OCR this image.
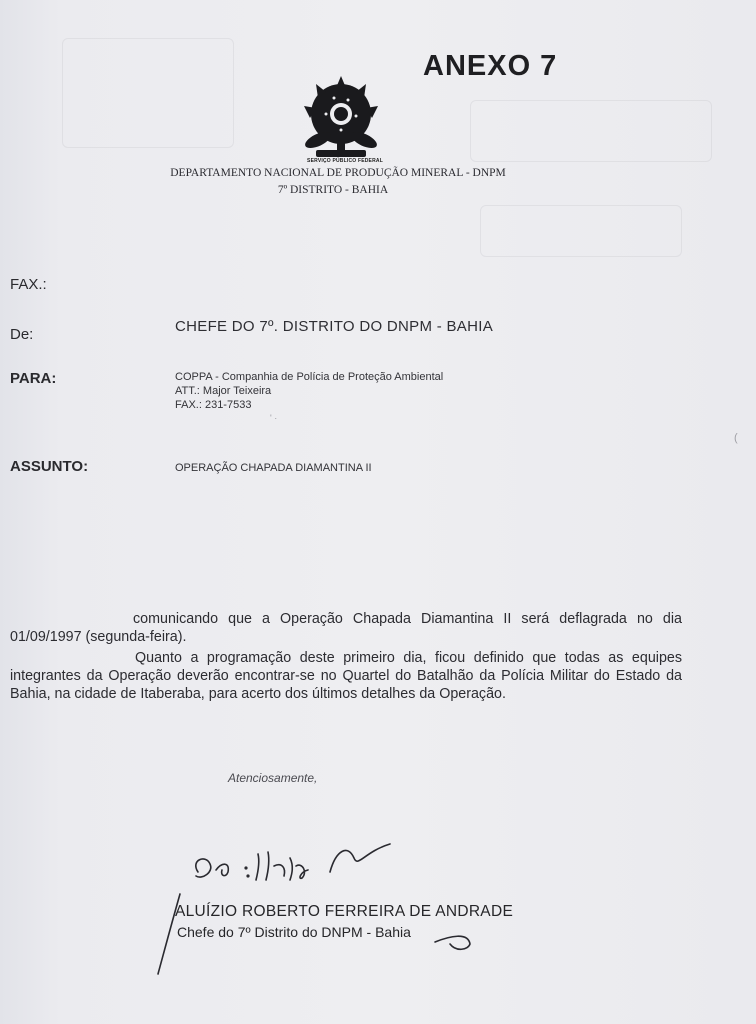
ANEXO 7
SERVIÇO PÚBLICO FEDERAL
DEPARTAMENTO NACIONAL DE PRODUÇÃO MINERAL - DNPM
7º DISTRITO - BAHIA
FAX.:
De:	CHEFE DO 7º. DISTRITO DO DNPM - BAHIA
PARA:	COPPA - Companhia de Polícia de Proteção Ambiental
ATT.: Major Teixeira
FAX.: 231-7533
' ·
ASSUNTO:	OPERAÇÃO CHAPADA DIAMANTINA II

comunicando que a Operação Chapada Diamantina II será deflagrada no dia 01/09/1997 (segunda-feira).

Quanto a programação deste primeiro dia, ficou definido que todas as equipes integrantes da Operação deverão encontrar-se no Quartel do Batalhão da Polícia Militar do Estado da Bahia, na cidade de Itaberaba, para acerto dos últimos detalhes da Operação.

Atenciosamente,
ALUÍZIO ROBERTO FERREIRA DE ANDRADE
Chefe do 7º Distrito do DNPM - Bahia
(
